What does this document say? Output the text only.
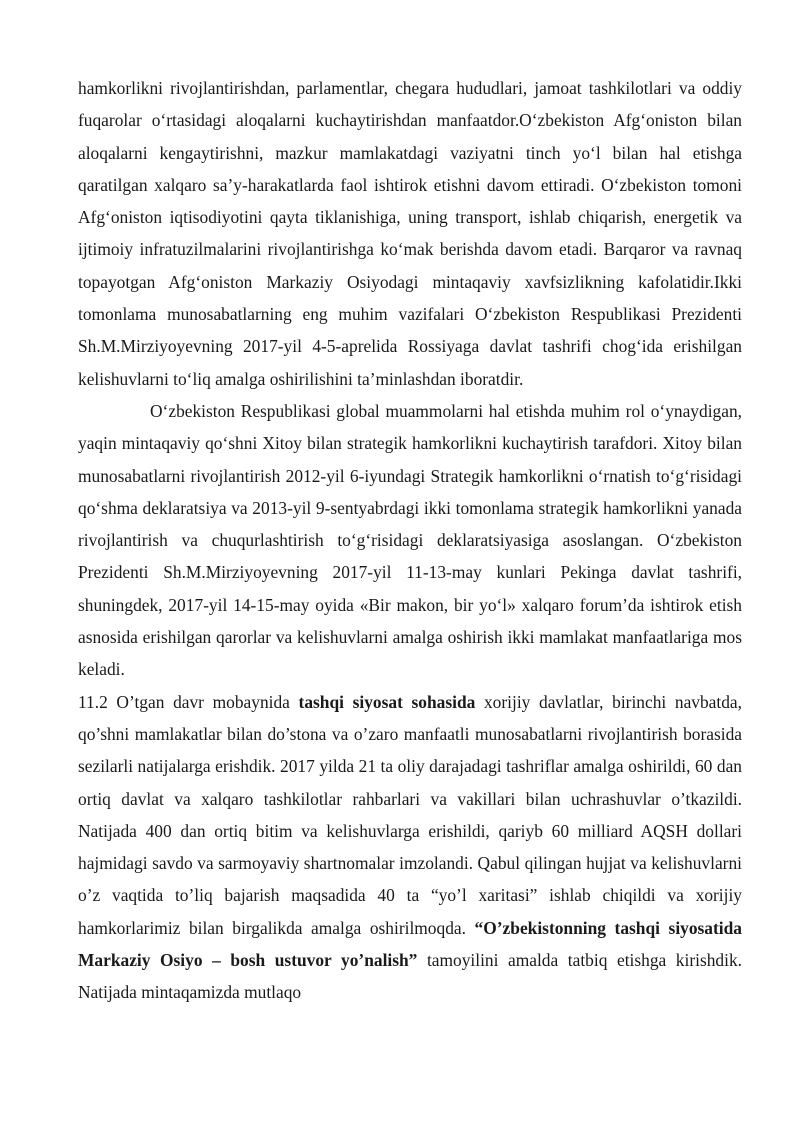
hamkorlikni rivojlantirishdan, parlamentlar, chegara hududlari, jamoat tashkilotlari va oddiy fuqarolar o‘rtasidagi aloqalarni kuchaytirishdan manfaatdor.O‘zbekiston Afg‘oniston bilan aloqalarni kengaytirishni, mazkur mamlakatdagi vaziyatni tinch yo‘l bilan hal etishga qaratilgan xalqaro sa’y-harakatlarda faol ishtirok etishni davom ettiradi. O‘zbekiston tomoni Afg‘oniston iqtisodiyotini qayta tiklanishiga, uning transport, ishlab chiqarish, energetik va ijtimoiy infratuzilmalarini rivojlantirishga ko‘mak berishda davom etadi. Barqaror va ravnaq topayotgan Afg‘oniston Markaziy Osiyodagi mintaqaviy xavfsizlikning kafolatidir.Ikki tomonlama munosabatlarning eng muhim vazifalari O‘zbekiston Respublikasi Prezidenti Sh.M.Mirziyoyevning 2017-yil 4-5-aprelida Rossiyaga davlat tashrifi chog‘ida erishilgan kelishuvlarni to‘liq amalga oshirilishini ta’minlashdan iboratdir.

O‘zbekiston Respublikasi global muammolarni hal etishda muhim rol o‘ynaydigan, yaqin mintaqaviy qo‘shni Xitoy bilan strategik hamkorlikni kuchaytirish tarafdori. Xitoy bilan munosabatlarni rivojlantirish 2012-yil 6-iyundagi Strategik hamkorlikni o‘rnatish to‘g‘risidagi qo‘shma deklaratsiya va 2013-yil 9-sentyabrdagi ikki tomonlama strategik hamkorlikni yanada rivojlantirish va chuqurlashtirish to‘g‘risidagi deklaratsiyasiga asoslangan. O‘zbekiston Prezidenti Sh.M.Mirziyoyevning 2017-yil 11-13-may kunlari Pekinga davlat tashrifi, shuningdek, 2017-yil 14-15-may oyida «Bir makon, bir yo‘l» xalqaro forum’da ishtirok etish asnosida erishilgan qarorlar va kelishuvlarni amalga oshirish ikki mamlakat manfaatlariga mos keladi.

11.2 O’tgan davr mobaynida tashqi siyosat sohasida xorijiy davlatlar, birinchi navbatda, qo’shni mamlakatlar bilan do’stona va o’zaro manfaatli munosabatlarni rivojlantirish borasida sezilarli natijalarga erishdik. 2017 yilda 21 ta oliy darajadagi tashriflar amalga oshirildi, 60 dan ortiq davlat va xalqaro tashkilotlar rahbarlari va vakillari bilan uchrashuvlar o’tkazildi. Natijada 400 dan ortiq bitim va kelishuvlarga erishildi, qariyb 60 milliard AQSH dollari hajmidagi savdo va sarmoyaviy shartnomalar imzolandi. Qabul qilingan hujjat va kelishuvlarni o’z vaqtida to’liq bajarish maqsadida 40 ta “yo’l xaritasi” ishlab chiqildi va xorijiy hamkorlarimiz bilan birgalikda amalga oshirilmoqda. “O’zbekistonning tashqi siyosatida Markaziy Osiyo – bosh ustuvor yo’nalish” tamoyilini amalda tatbiq etishga kirishdik. Natijada mintaqamizda mutlaqo
